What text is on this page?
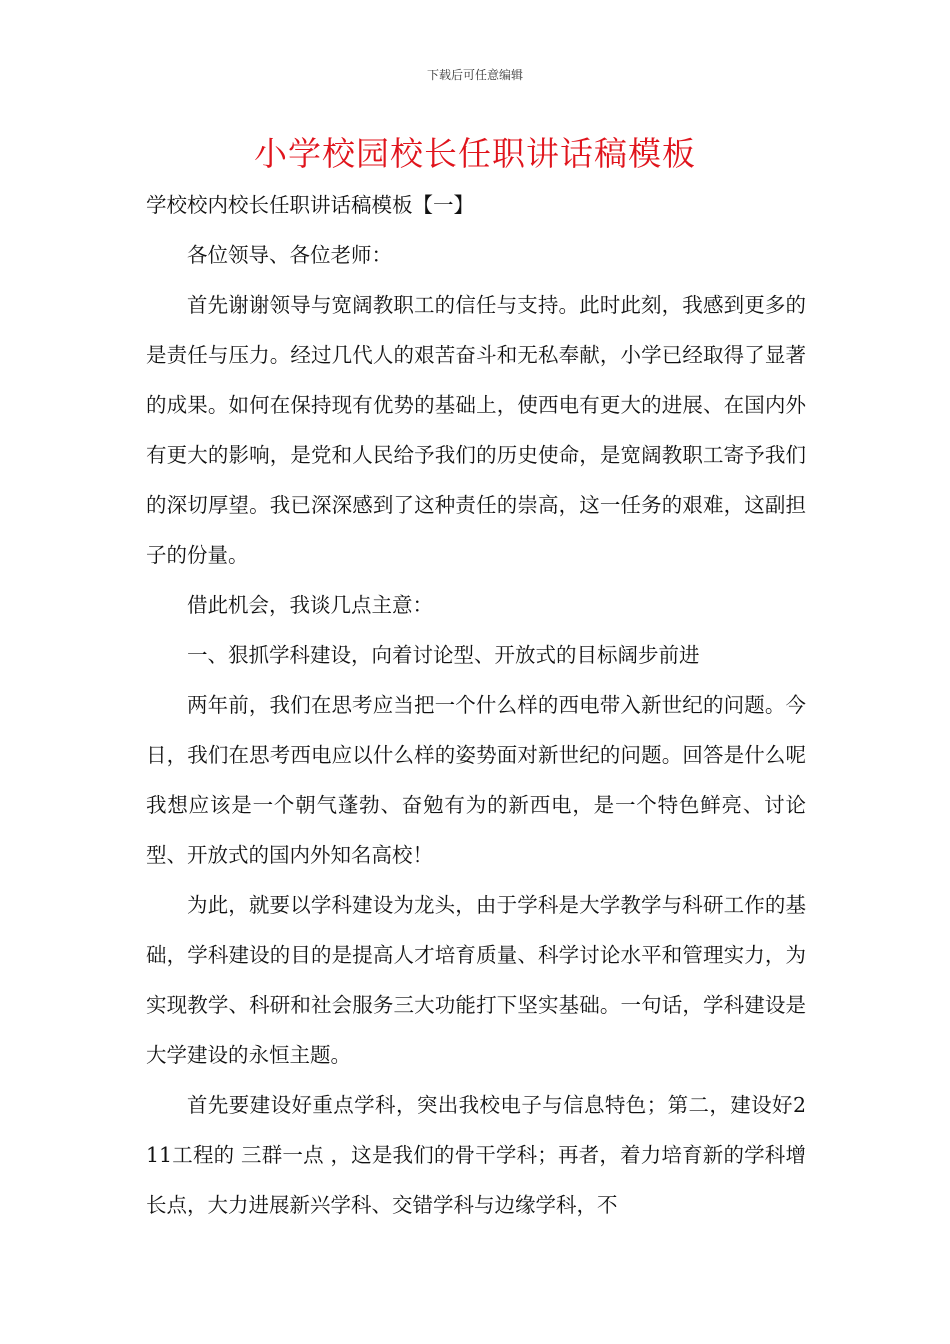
下载后可任意编辑
小学校园校长任职讲话稿模板

学校校内校长任职讲话稿模板【一】

各位领导、各位老师：

首先谢谢领导与宽阔教职工的信任与支持。此时此刻，我感到更多的是责任与压力。经过几代人的艰苦奋斗和无私奉献，小学已经取得了显著的成果。如何在保持现有优势的基础上，使西电有更大的进展、在国内外有更大的影响，是党和人民给予我们的历史使命，是宽阔教职工寄予我们的深切厚望。我已深深感到了这种责任的崇高，这一任务的艰难，这副担子的份量。

借此机会，我谈几点主意：

一、狠抓学科建设，向着讨论型、开放式的目标阔步前进

两年前，我们在思考应当把一个什么样的西电带入新世纪的问题。今日，我们在思考西电应以什么样的姿势面对新世纪的问题。回答是什么呢我想应该是一个朝气蓬勃、奋勉有为的新西电，是一个特色鲜亮、讨论型、开放式的国内外知名高校！

为此，就要以学科建设为龙头，由于学科是大学教学与科研工作的基础，学科建设的目的是提高人才培育质量、科学讨论水平和管理实力，为实现教学、科研和社会服务三大功能打下坚实基础。一句话，学科建设是大学建设的永恒主题。

首先要建设好重点学科，突出我校电子与信息特色；第二，建设好211工程的 三群一点 ，这是我们的骨干学科；再者，着力培育新的学科增长点，大力进展新兴学科、交错学科与边缘学科，不
